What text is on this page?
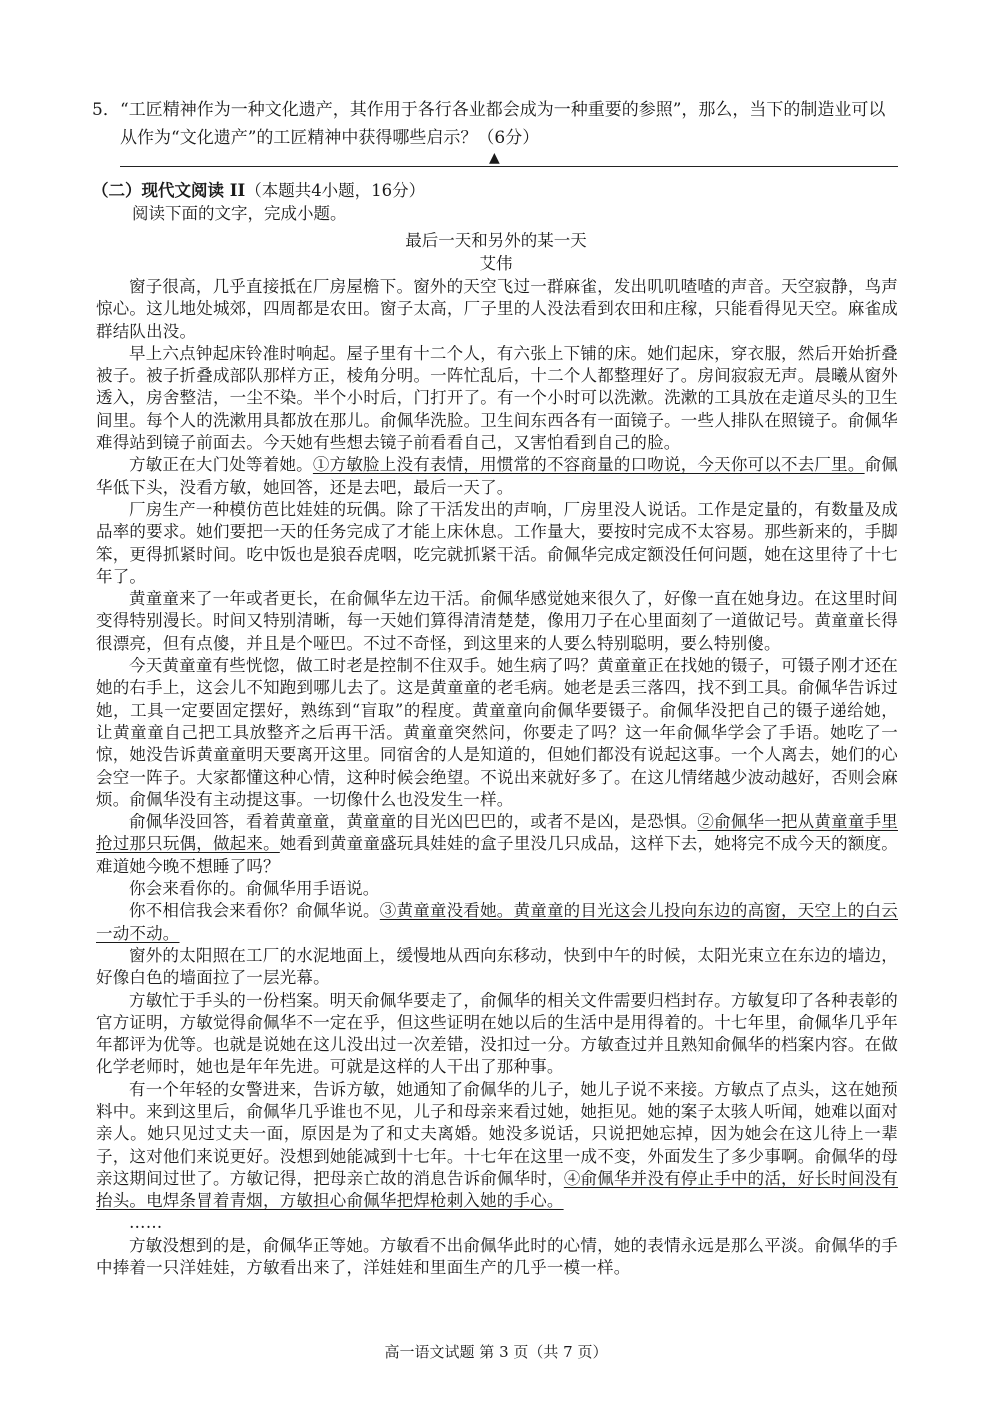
5． “工匠精神作为一种文化遗产，其作用于各行各业都会成为一种重要的参照”，那么，当下的制造业可以从作为“文化遗产”的工匠精神中获得哪些启示？（6分）
▲
（二）现代文阅读 II（本题共4小题，16分）
阅读下面的文字，完成小题。
最后一天和另外的某一天
艾伟

窗子很高，几乎直接抵在厂房屋檐下。窗外的天空飞过一群麻雀，发出叽叽喳喳的声音。天空寂静，鸟声惊心。这儿地处城郊，四周都是农田。窗子太高，厂子里的人没法看到农田和庄稼，只能看得见天空。麻雀成群结队出没。

早上六点钟起床铃准时响起。屋子里有十二个人，有六张上下铺的床。她们起床，穿衣服，然后开始折叠被子。被子折叠成部队那样方正，棱角分明。一阵忙乱后，十二个人都整理好了。房间寂寂无声。晨曦从窗外透入，房舍整洁，一尘不染。半个小时后，门打开了。有一个小时可以洗漱。洗漱的工具放在走道尽头的卫生间里。每个人的洗漱用具都放在那儿。俞佩华洗脸。卫生间东西各有一面镜子。一些人排队在照镜子。俞佩华难得站到镜子前面去。今天她有些想去镜子前看看自己，又害怕看到自己的脸。

方敏正在大门处等着她。①方敏脸上没有表情，用惯常的不容商量的口吻说，今天你可以不去厂里。俞佩华低下头，没看方敏，她回答，还是去吧，最后一天了。

厂房生产一种模仿芭比娃娃的玩偶。除了干活发出的声响，厂房里没人说话。工作是定量的，有数量及成品率的要求。她们要把一天的任务完成了才能上床休息。工作量大，要按时完成不太容易。那些新来的，手脚笨，更得抓紧时间。吃中饭也是狼吞虎咽，吃完就抓紧干活。俞佩华完成定额没任何问题，她在这里待了十七年了。

黄童童来了一年或者更长，在俞佩华左边干活。俞佩华感觉她来很久了，好像一直在她身边。在这里时间变得特别漫长。时间又特别清晰，每一天她们算得清清楚楚，像用刀子在心里面刻了一道做记号。黄童童长得很漂亮，但有点傻，并且是个哑巴。不过不奇怪，到这里来的人要么特别聪明，要么特别傻。

今天黄童童有些恍惚，做工时老是控制不住双手。她生病了吗？黄童童正在找她的镊子，可镊子刚才还在她的右手上，这会儿不知跑到哪儿去了。这是黄童童的老毛病。她老是丢三落四，找不到工具。俞佩华告诉过她，工具一定要固定摆好，熟练到“盲取”的程度。黄童童向俞佩华要镊子。俞佩华没把自己的镊子递给她，让黄童童自己把工具放整齐之后再干活。黄童童突然问，你要走了吗？这一年俞佩华学会了手语。她吃了一惊，她没告诉黄童童明天要离开这里。同宿舍的人是知道的，但她们都没有说起这事。一个人离去，她们的心会空一阵子。大家都懂这种心情，这种时候会绝望。不说出来就好多了。在这儿情绪越少波动越好，否则会麻烦。俞佩华没有主动提这事。一切像什么也没发生一样。

俞佩华没回答，看着黄童童，黄童童的目光凶巴巴的，或者不是凶，是恐惧。②俞佩华一把从黄童童手里抢过那只玩偶，做起来。她看到黄童童盛玩具娃娃的盒子里没几只成品，这样下去，她将完不成今天的额度。难道她今晚不想睡了吗？

你会来看你的。俞佩华用手语说。

你不相信我会来看你？俞佩华说。③黄童童没看她。黄童童的目光这会儿投向东边的高窗，天空上的白云一动不动。

窗外的太阳照在工厂的水泥地面上，缓慢地从西向东移动，快到中午的时候，太阳光束立在东边的墙边，好像白色的墙面拉了一层光幕。

方敏忙于手头的一份档案。明天俞佩华要走了，俞佩华的相关文件需要归档封存。方敏复印了各种表彰的官方证明，方敏觉得俞佩华不一定在乎，但这些证明在她以后的生活中是用得着的。十七年里，俞佩华几乎年年都评为优等。也就是说她在这儿没出过一次差错，没扣过一分。方敏查过并且熟知俞佩华的档案内容。在做化学老师时，她也是年年先进。可就是这样的人干出了那种事。

有一个年轻的女警进来，告诉方敏，她通知了俞佩华的儿子，她儿子说不来接。方敏点了点头，这在她预料中。来到这里后，俞佩华几乎谁也不见，儿子和母亲来看过她，她拒见。她的案子太骇人听闻，她难以面对亲人。她只见过丈夫一面，原因是为了和丈夫离婚。她没多说话，只说把她忘掉，因为她会在这儿待上一辈子，这对他们来说更好。没想到她能减到十七年。十七年在这里一成不变，外面发生了多少事啊。俞佩华的母亲这期间过世了。方敏记得，把母亲亡故的消息告诉俞佩华时，④俞佩华并没有停止手中的活，好长时间没有抬头。电焊条冒着青烟，方敏担心俞佩华把焊枪刺入她的手心。

……

方敏没想到的是，俞佩华正等她。方敏看不出俞佩华此时的心情，她的表情永远是那么平淡。俞佩华的手中捧着一只洋娃娃，方敏看出来了，洋娃娃和里面生产的几乎一模一样。

高一语文试题 第 3 页（共 7 页）
